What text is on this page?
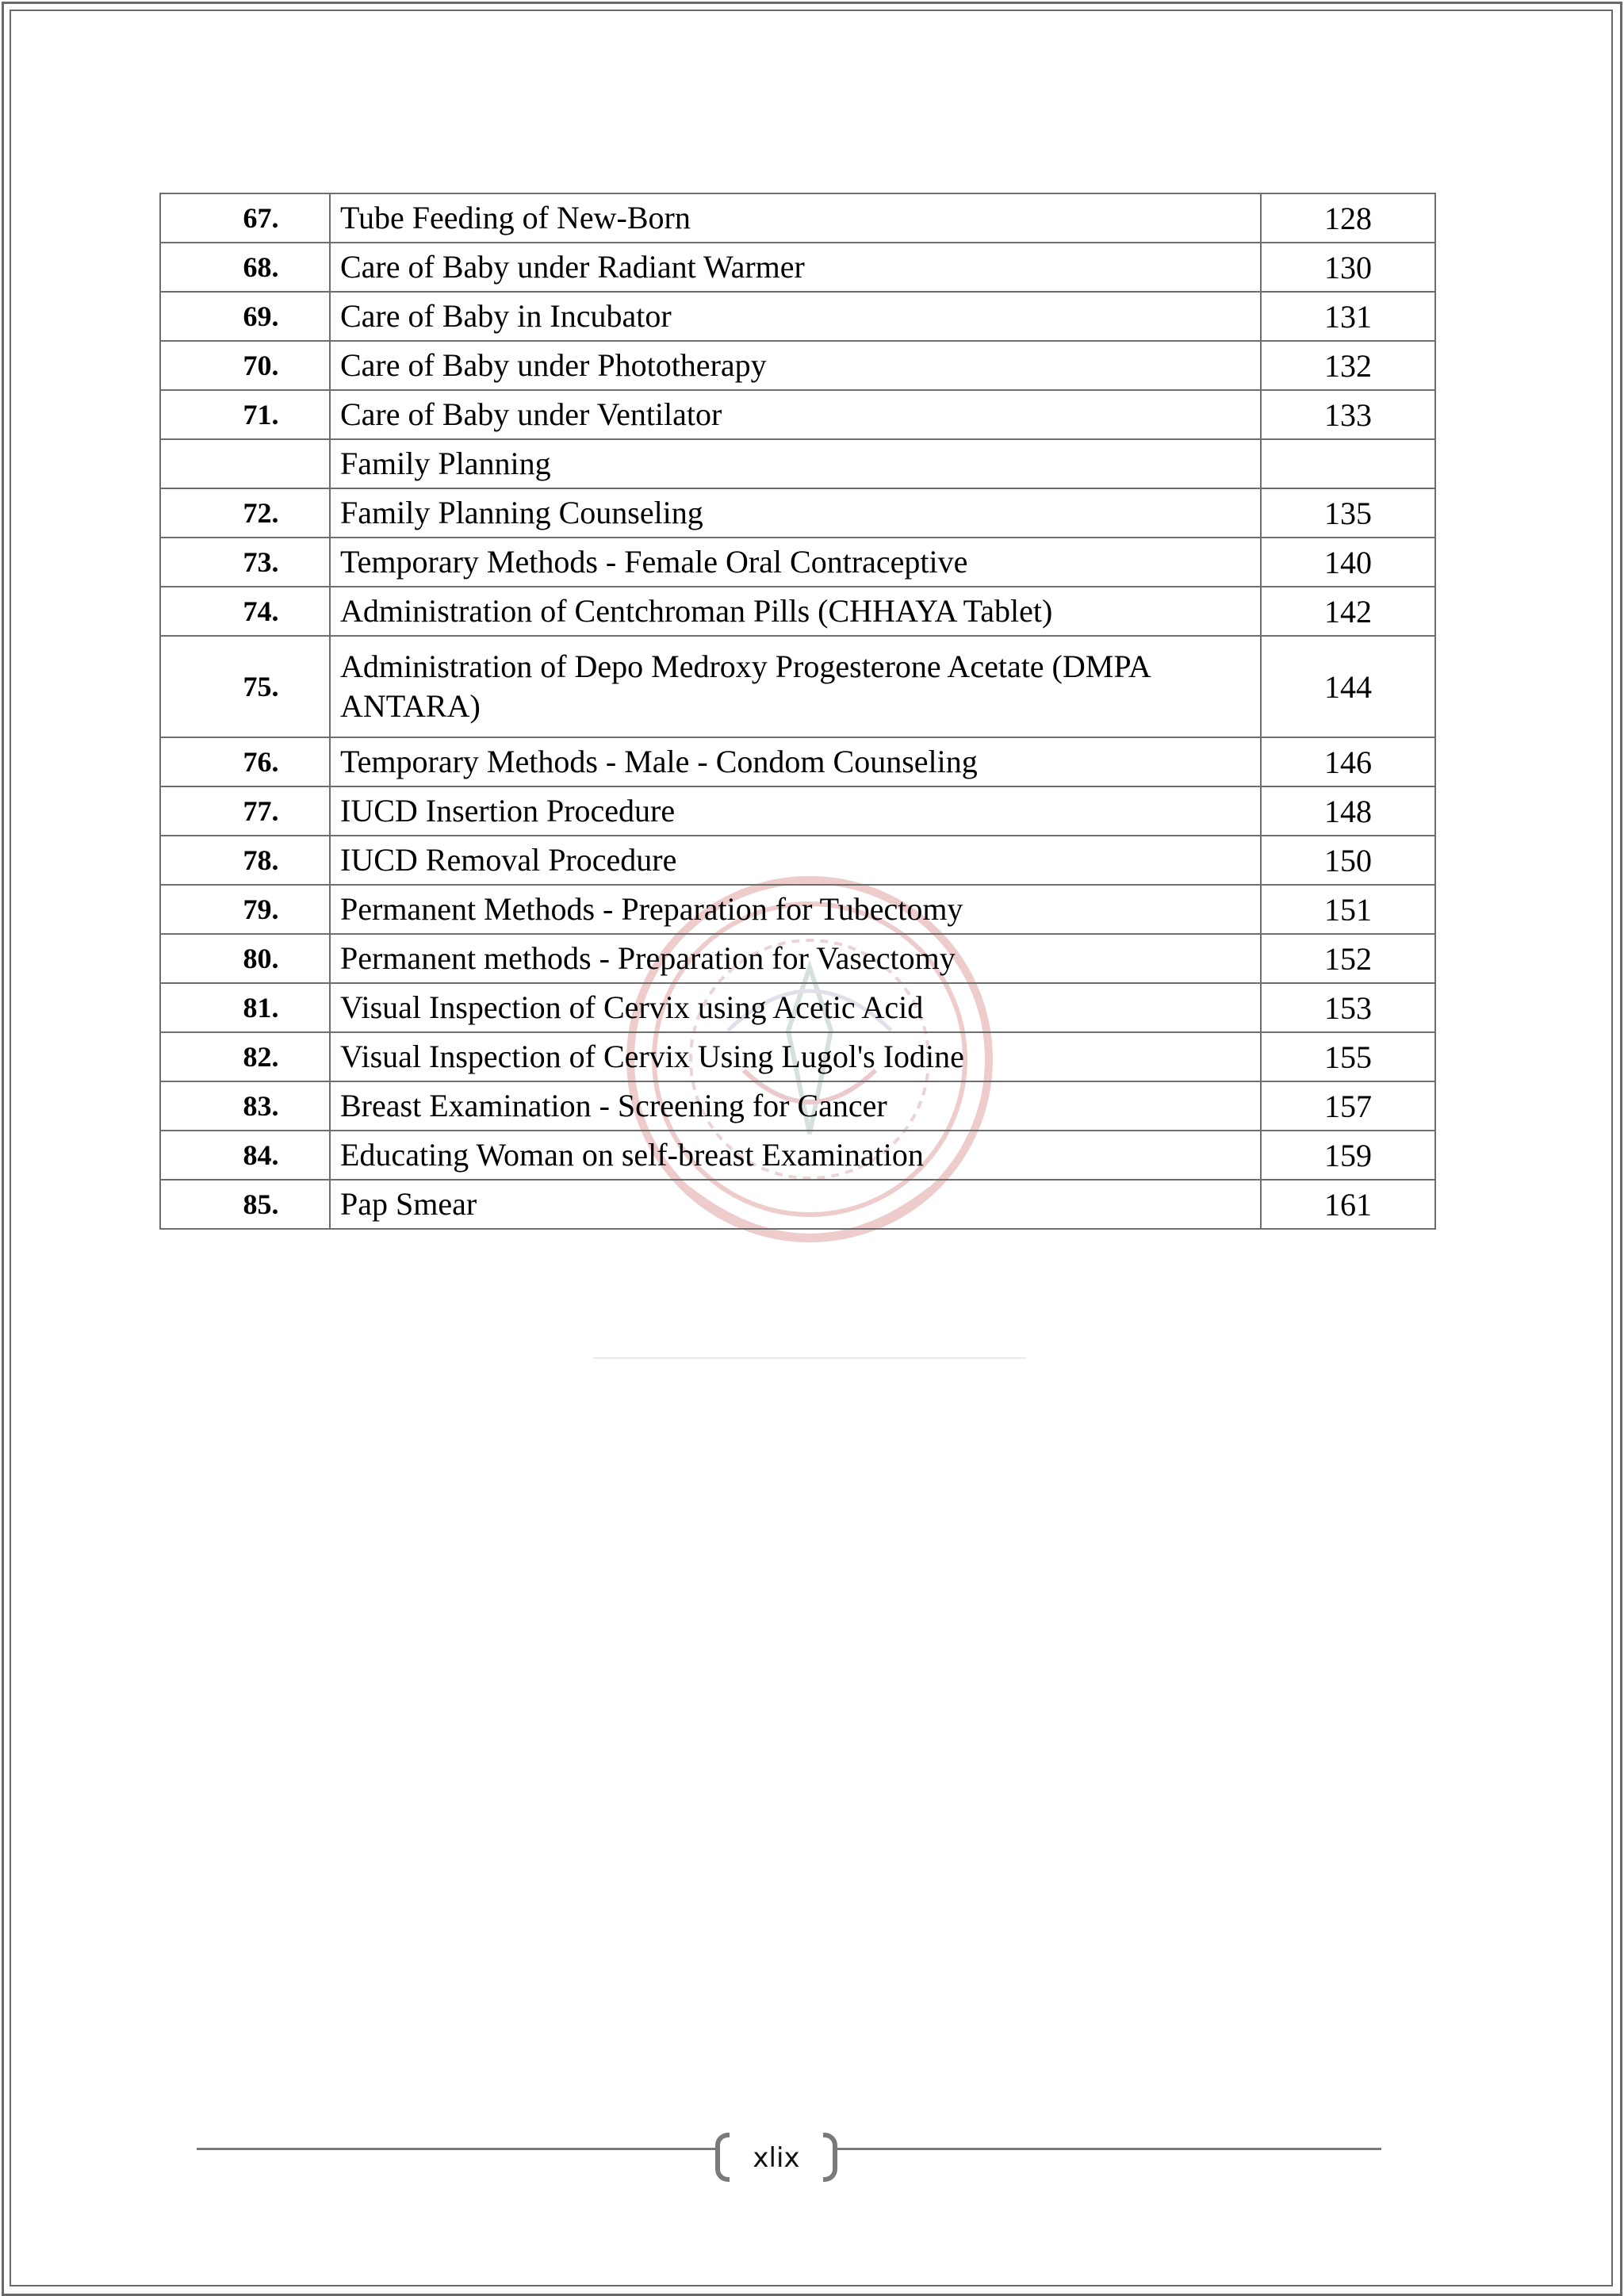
67.	Tube Feeding of New-Born	128
68.	Care of Baby under Radiant Warmer	130
69.	Care of Baby in Incubator	131
70.	Care of Baby under Phototherapy	132
71.	Care of Baby under Ventilator	133
	Family Planning	
72.	Family Planning Counseling	135
73.	Temporary Methods - Female Oral Contraceptive	140
74.	Administration of Centchroman Pills (CHHAYA Tablet)	142
75.	Administration of Depo Medroxy Progesterone Acetate (DMPA ANTARA)	144
76.	Temporary Methods - Male - Condom Counseling	146
77.	IUCD Insertion Procedure	148
78.	IUCD Removal Procedure	150
79.	Permanent Methods - Preparation for Tubectomy	151
80.	Permanent methods - Preparation for Vasectomy	152
81.	Visual Inspection of Cervix using Acetic Acid	153
82.	Visual Inspection of Cervix Using Lugol's Iodine	155
83.	Breast Examination - Screening for Cancer	157
84.	Educating Woman on self-breast Examination	159
85.	Pap Smear	161
xlix
